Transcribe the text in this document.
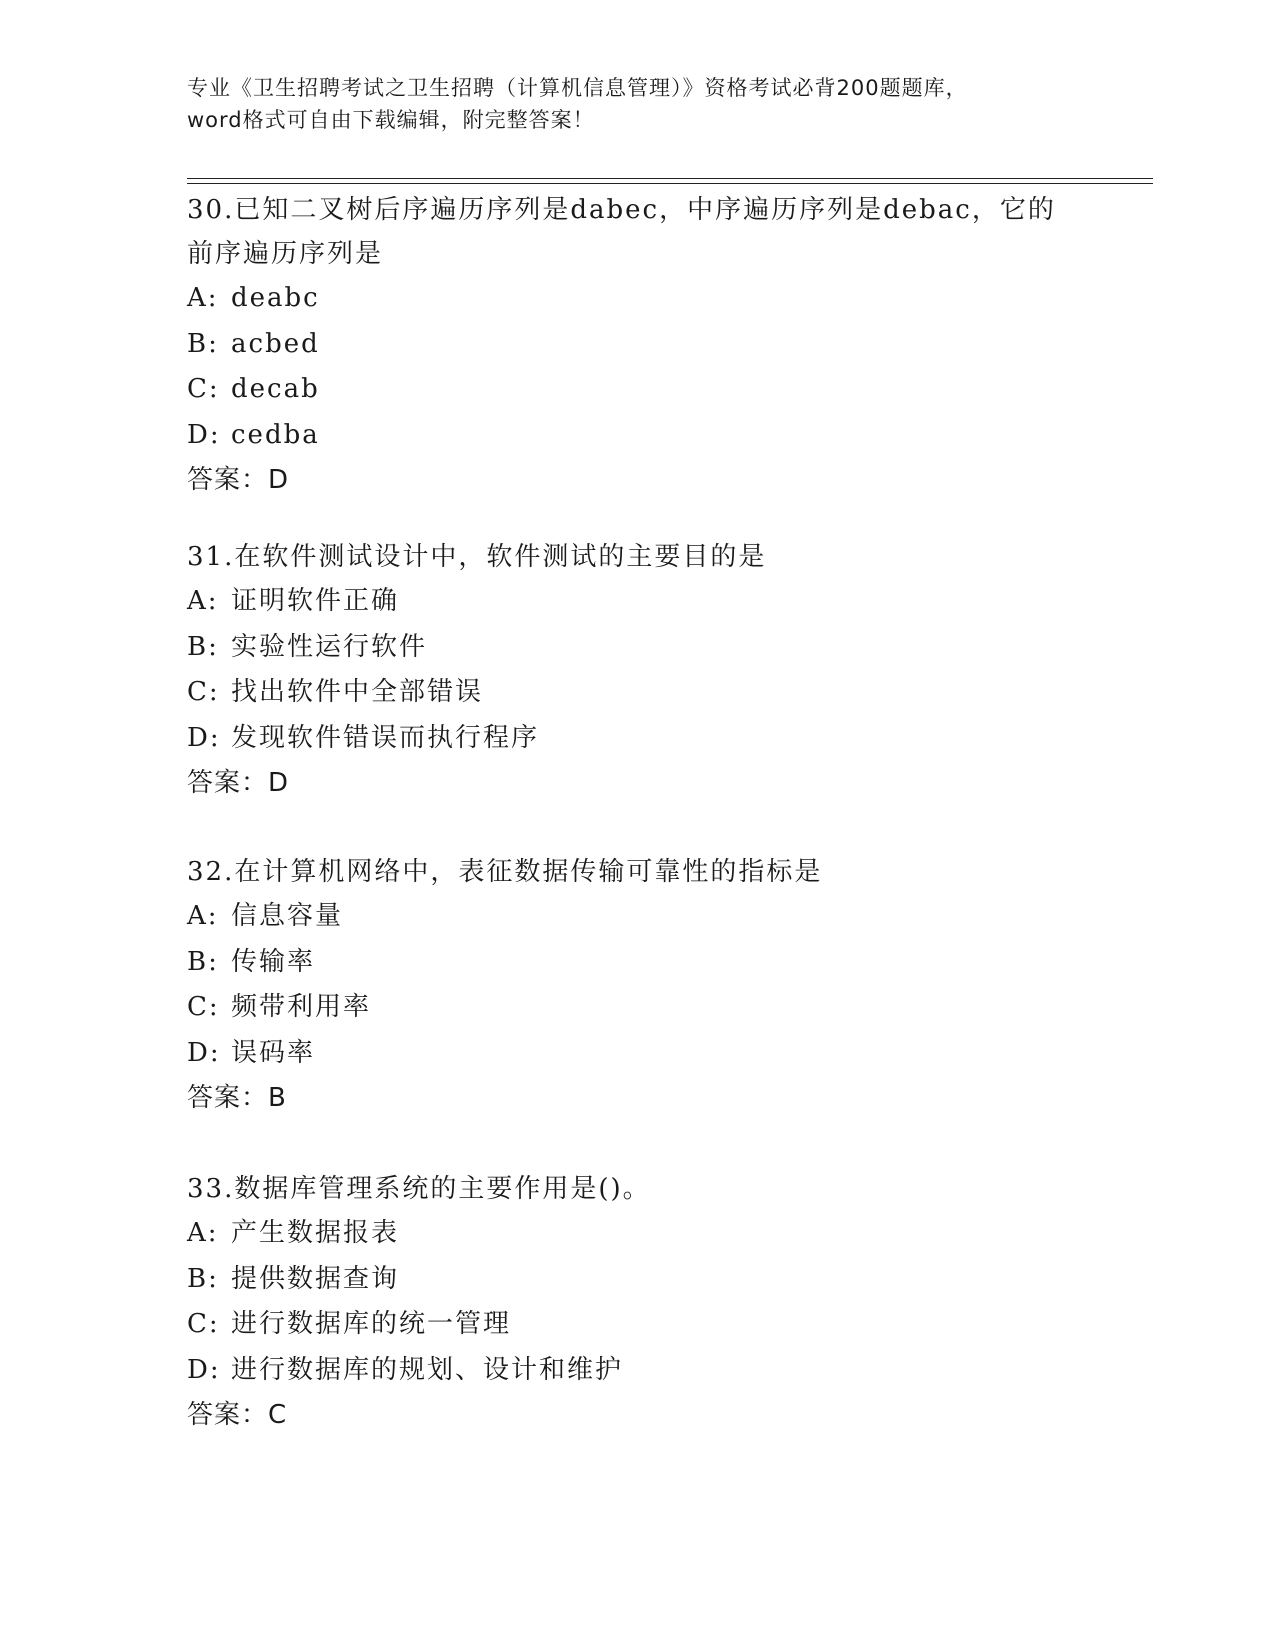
专业《卫生招聘考试之卫生招聘（计算机信息管理）》资格考试必背200题题库，
word格式可自由下载编辑，附完整答案！

30.已知二叉树后序遍历序列是dabec，中序遍历序列是debac，它的

前序遍历序列是

A: deabc

B: acbed

C: decab

D: cedba

答案：D

31.在软件测试设计中，软件测试的主要目的是

A: 证明软件正确

B: 实验性运行软件

C: 找出软件中全部错误

D: 发现软件错误而执行程序

答案：D

32.在计算机网络中，表征数据传输可靠性的指标是

A: 信息容量

B: 传输率

C: 频带利用率

D: 误码率

答案：B

33.数据库管理系统的主要作用是()。

A: 产生数据报表

B: 提供数据查询

C: 进行数据库的统一管理

D: 进行数据库的规划、设计和维护

答案：C
